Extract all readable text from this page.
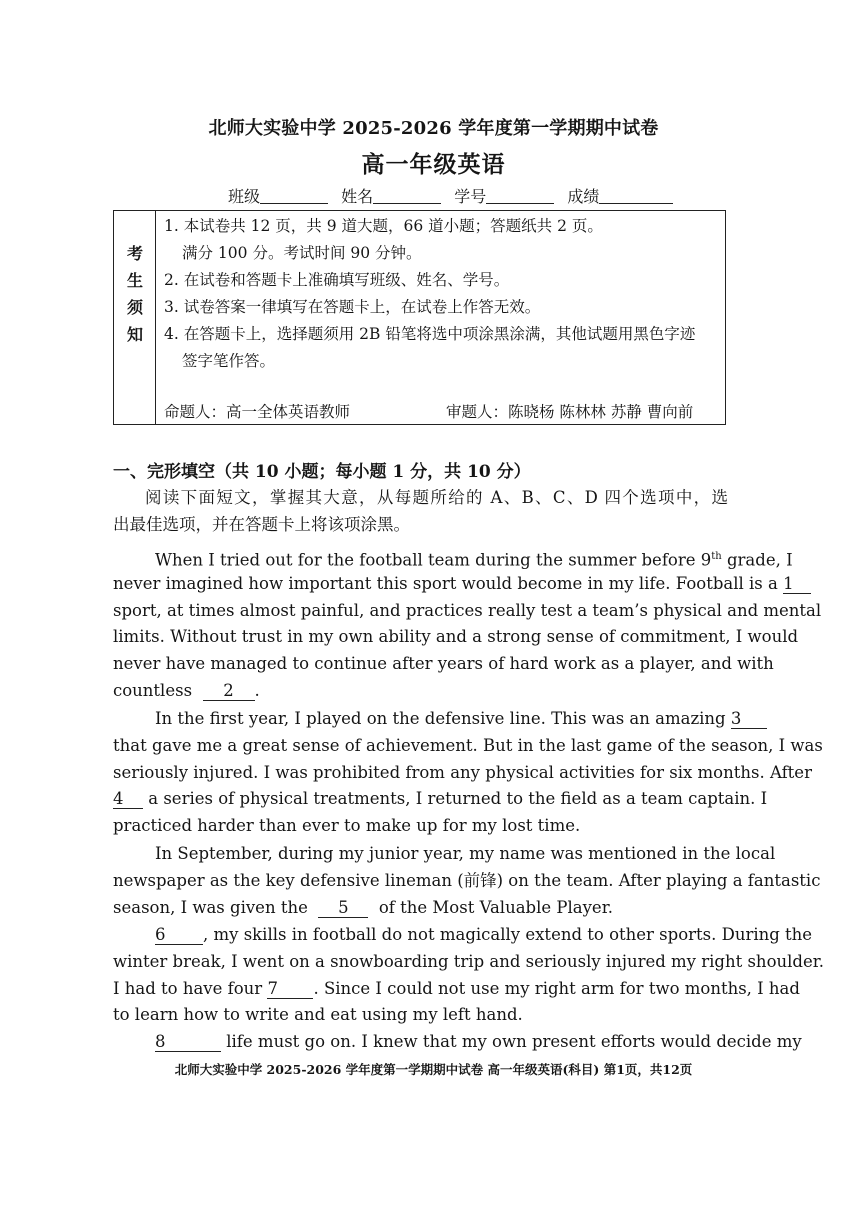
北师大实验中学 2025-2026 学年度第一学期期中试卷
高一年级英语
班级	姓名	学号	成绩
考
生
须
知
1. 本试卷共 12 页，共 9 道大题，66 道小题；答题纸共 2 页。
满分 100 分。考试时间 90 分钟。
2. 在试卷和答题卡上准确填写班级、姓名、学号。
3. 试卷答案一律填写在答题卡上，在试卷上作答无效。
4. 在答题卡上，选择题须用 2B 铅笔将选中项涂黑涂满，其他试题用黑色字迹
签字笔作答。
命题人：高一全体英语教师	审题人：陈晓杨 陈林林 苏静 曹向前
一、完形填空（共 10 小题；每小题 1 分，共 10 分）
阅读下面短文，掌握其大意，从每题所给的 A、B、C、D 四个选项中，选
出最佳选项，并在答题卡上将该项涂黑。
When I tried out for the football team during the summer before 9th grade, I
never imagined how important this sport would become in my life. Football is a 1
sport, at times almost painful, and practices really test a team’s physical and mental
limits. Without trust in my own ability and a strong sense of commitment, I would
never have managed to continue after years of hard work as a player, and with
countless 2 .
In the first year, I played on the defensive line. This was an amazing 3
that gave me a great sense of achievement. But in the last game of the season, I was
seriously injured. I was prohibited from any physical activities for six months. After
4 a series of physical treatments, I returned to the field as a team captain. I
practiced harder than ever to make up for my lost time.
In September, during my junior year, my name was mentioned in the local
newspaper as the key defensive lineman (前锋) on the team. After playing a fantastic
season, I was given the 5 of the Most Valuable Player.
6 , my skills in football do not magically extend to other sports. During the
winter break, I went on a snowboarding trip and seriously injured my right shoulder.
I had to have four 7 . Since I could not use my right arm for two months, I had
to learn how to write and eat using my left hand.
8	life must go on. I knew that my own present efforts would decide my
北师大实验中学 2025-2026 学年度第一学期期中试卷 高一年级英语(科目) 第1页，共12页
